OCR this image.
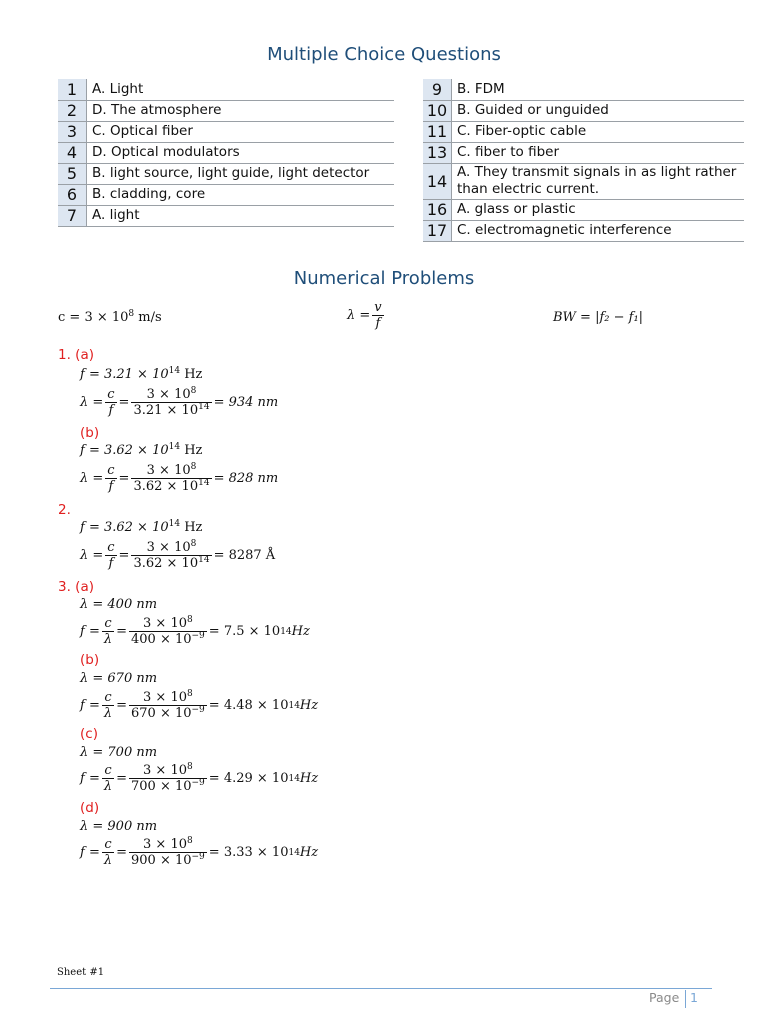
Multiple Choice Questions
1	A. Light
2	D. The atmosphere
3	C. Optical fiber
4	D. Optical modulators
5	B. light source, light guide, light detector
6	B. cladding, core
7	A. light
9	B. FDM
10	B. Guided or unguided
11	C. Fiber-optic cable
13	C. fiber to fiber
14	A. They transmit signals in as light rather than electric current.
16	A. glass or plastic
17	C. electromagnetic interference
Numerical Problems
$c = 3 \times 10^8$ m/s	$\lambda = \frac{v}{f}$	BW = |f₂ − f₁|
1. (a)
$f = 3.21 \times 10^{14}$ Hz
$\lambda = \frac{c}{f} = \frac{3 \times 10^8}{3.21 \times 10^{14}} = 934$ nm
(b)
$f = 3.62 \times 10^{14}$ Hz
$\lambda = \frac{c}{f} = \frac{3 \times 10^8}{3.62 \times 10^{14}} = 828$ nm
2.
$f = 3.62 \times 10^{14}$ Hz
$\lambda = \frac{c}{f} = \frac{3 \times 10^8}{3.62 \times 10^{14}} = 8287$ Å
3. (a)
λ = 400 nm
$f = \frac{c}{\lambda} = \frac{3 \times 10^8}{400 \times 10^{-9}} = 7.5 \times 10$ 14 Hz
(b)
λ = 670 nm
$f = \frac{c}{\lambda} = \frac{3 \times 10^8}{670 \times 10^{-9}} = 4.48 \times 10$ 14 Hz
(c)
λ = 700 nm
$f = \frac{c}{\lambda} = \frac{3 \times 10^8}{700 \times 10^{-9}} = 4.29 \times 10$ 14 Hz
(d)
λ = 900 nm
$f = \frac{c}{\lambda} = \frac{3 \times 10^8}{900 \times 10^{-9}} = 3.33 \times 10$ 14 Hz
Sheet #1
Page 1
